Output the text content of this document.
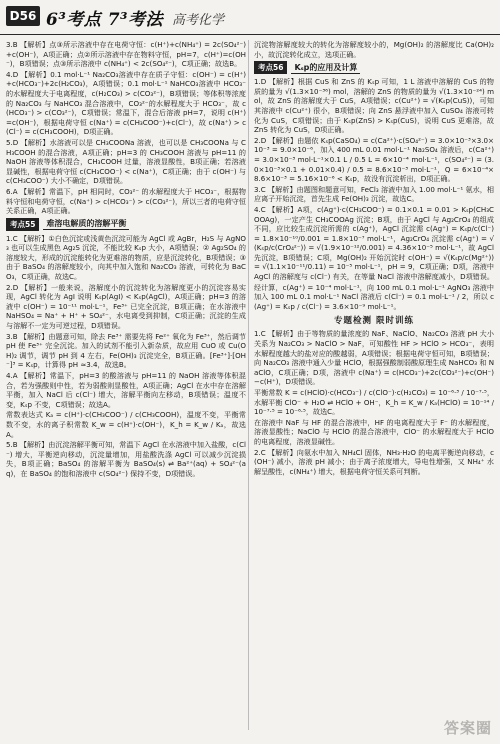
D56 6³考点 7³考法 高考化学

3.B 【解析】点③所示溶液中存在电荷守恒：c(H⁺)+c(NH₄⁺) = 2c(SO₄²⁻)+c(OH⁻)，A项正确；点②所示溶液中存在物料守恒，pH=7，c(H⁺)=c(OH⁻)，B项错误；点③所示溶液中 c(NH₄⁺) < 2c(SO₄²⁻)，C项正确；故选B。

4.D 【解析】0.1 mol·L⁻¹ Na₂CO₃溶液中存在质子守恒：c(OH⁻) = c(H⁺)+c(HCO₃⁻)+2c(H₂CO₃)，A项错误；0.1 mol·L⁻¹ NaHCO₃溶液中 HCO₃⁻的水解程度大于电离程度，c(H₂CO₃) > c(CO₃²⁻)，B项错误；等体积等浓度的 Na₂CO₃ 与 NaHCO₃ 混合溶液中，CO₃²⁻的水解程度大于 HCO₃⁻，故 c(HCO₃⁻) > c(CO₃²⁻)，C项错误；常温下，混合后溶液 pH=7，说明 c(H⁺)=c(OH⁻)，根据电荷守恒 c(Na⁺) = c(CH₃COO⁻)+c(Cl⁻)，故 c(Na⁺) > c(Cl⁻) = c(CH₃COOH)，D项正确。

5.D 【解析】水溶液可以是 CH₃COONa 溶液，也可以是 CH₃COONa 与 CH₃COOH 的混合溶液，A项正确；pH=3 的 CH₃COOH 溶液与 pH=11 的 NaOH 溶液等体积混合，CH₃COOH 过量，溶液显酸性，B项正确；若溶液显碱性，根据电荷守恒 c(CH₃COO⁻) < c(Na⁺)，C项正确；由于 c(OH⁻) 与 c(CH₃COO⁻) 大小不确定，D项错误。

6.A 【解析】常温下，pH 相同时，CO₃²⁻ 的水解程度大于 HCO₃⁻，根据物料守恒和电荷守恒，c(Na⁺) > c(HCO₃⁻) > c(CO₃²⁻)，所以三者的电荷守恒关系正确，A项正确。

考点55	难溶电解质的溶解平衡

1.C 【解析】①白色沉淀或浅黄色沉淀可能为 AgCl 或 AgBr，H₂S 与 AgNO₃ 也可以生成黑色 Ag₂S 沉淀，不能比较 Kₛp 大小，A项错误；② Ag₂SO₄ 的溶度较大，形成的沉淀能转化为更难溶的物质，应是沉淀转化，B项错误；③由于 BaSO₄ 的溶解度较小，向其中加入饱和 Na₂CO₃ 溶液，可转化为 BaCO₃，C项正确，故选C。

2.D 【解析】一般来说，溶解度小的沉淀转化为溶解度更小的沉淀容易实现，AgCl 转化为 AgI 说明 Kₛp(AgI) < Kₛp(AgCl)，A项正确；pH=3 的溶液中 c(OH⁻) = 10⁻¹¹ mol·L⁻¹，Fe³⁺ 已完全沉淀，B项正确；在水溶液中 NaHSO₄ = Na⁺ + H⁺ + SO₄²⁻，水电离受到抑制，C项正确；沉淀的生成与溶解不一定为可逆过程，D项错误。

3.B 【解析】由题意可知，除去 Fe³⁺ 需要先将 Fe²⁺ 氧化为 Fe³⁺，然后调节 pH 使 Fe³⁺ 完全沉淀。加入的试剂不能引入新杂质，故应用 CuO 或 Cu(OH)₂ 调节，调节 pH 到 4 左右，Fe(OH)₃ 沉淀完全，B项正确。[Fe³⁺]·[OH⁻]³ = Kₛp，计算得 pH ≈3.4，故选B。

4.A 【解析】常温下，pH=3 的酸溶液与 pH=11 的 NaOH 溶液等体积混合，若为强酸则中性，若为弱酸则显酸性，A项正确；AgCl 在水中存在溶解平衡，加入 NaCl 后 c(Cl⁻) 增大，溶解平衡向左移动，B项错误；温度不变，Kₛp 不变，C项错误；故选A。

常数表达式 Kₐ = c(H⁺)·c(CH₃COO⁻) / c(CH₃COOH)，温度不变，平衡常数不变，水的离子积常数 K_w = c(H⁺)·c(OH⁻)，K_h = K_w / Kₐ，故选A。

5.B 【解析】由沉淀溶解平衡可知，常温下 AgCl 在水溶液中加入盐酸，c(Cl⁻) 增大，平衡逆向移动，沉淀量增加，用盐酸洗涤 AgCl 可以减少沉淀损失，B项正确；BaSO₄ 的溶解平衡为 BaSO₄(s) ⇌ Ba²⁺(aq) + SO₄²⁻(aq)，在 BaSO₄ 的饱和溶液中 c(SO₄²⁻) 保持不变，D项错误。

沉淀物溶解度较大的转化为溶解度较小的，Mg(OH)₂ 的溶解度比 Ca(OH)₂ 小，故沉淀转化成立，选项正确。

考点56	Kₛp的应用及计算

1.D 【解析】根据 CuS 和 ZnS 的 Kₛp 可知，1 L 溶液中溶解的 CuS 的物质的量为 √(1.3×10⁻³⁶) mol，溶解的 ZnS 的物质的量为 √(1.3×10⁻²⁴) mol，故 ZnS 的溶解度大于 CuS，A项错误；c(Cu²⁺) = √(Kₛp(CuS))，可知其溶液中 c(Cu²⁺) 很小，B项错误；向 ZnS 悬浮液中加入 CuSO₄ 溶液可转化为 CuS，C项错误；由于 Kₛp(ZnS) > Kₛp(CuS)，说明 CuS 更难溶，故 ZnS 转化为 CuS，D项正确。

2.D 【解析】由题依 Kₛp(CaSO₄) = c(Ca²⁺)·c(SO₄²⁻) = 3.0×10⁻³×3.0×10⁻³ = 9.0×10⁻⁶，加入 400 mL 0.01 mol·L⁻¹ Na₂SO₄ 溶液后，c(Ca²⁺) = 3.0×10⁻³ mol·L⁻¹×0.1 L / 0.5 L = 6×10⁻⁴ mol·L⁻¹，c(SO₄²⁻) = (3.0×10⁻³×0.1 + 0.01×0.4) / 0.5 = 8.6×10⁻³ mol·L⁻¹，Q = 6×10⁻⁴×8.6×10⁻³ = 5.16×10⁻⁶ < Kₛp，故没有沉淀析出，D项正确。

3.C 【解析】由题图和题意可知，FeCl₃ 溶液中加入 1.00 mol·L⁻¹ 氨水，相应离子开始沉淀，首先生成 Fe(OH)₃ 沉淀，故选C。

4.C 【解析】A项，c(Ag⁺)·c(CH₃COO⁻) = 0.1×0.1 = 0.01 > Kₛp(CH₃COOAg)，一定产生 CH₃COOAg 沉淀；B项，由于 AgCl 与 Ag₂CrO₄ 的组成不同，应比较生成沉淀所需的 c(Ag⁺)，AgCl 沉淀需 c(Ag⁺) = Kₛp/c(Cl⁻) = 1.8×10⁻¹⁰/0.001 = 1.8×10⁻⁷ mol·L⁻¹，Ag₂CrO₄ 沉淀需 c(Ag⁺) = √(Kₛp/c(CrO₄²⁻)) = √(1.9×10⁻¹²/0.001) = 4.36×10⁻⁵ mol·L⁻¹，故 AgCl 先沉淀，B项错误；C项，Mg(OH)₂ 开始沉淀时 c(OH⁻) = √(Kₛp/c(Mg²⁺)) = √(1.1×10⁻¹¹/0.11) = 10⁻⁵ mol·L⁻¹，pH = 9，C项正确；D项，溶液中 AgCl 的溶解度与 c(Cl⁻) 有关，在等量 NaCl 溶液中溶解度减小，D项错误。

经计算，c(Ag⁺) = 10⁻⁴ mol·L⁻¹，向 100 mL 0.1 mol·L⁻¹ AgNO₃ 溶液中加入 100 mL 0.1 mol·L⁻¹ NaCl 溶液后 c(Cl⁻) = 0.1 mol·L⁻¹ / 2，所以 c(Ag⁺) = Kₛp / c(Cl⁻) = 3.6×10⁻⁹ mol·L⁻¹。

专题检测 限时训练

1.C 【解析】由于等物质的量浓度的 NaF、NaClO、Na₂CO₃ 溶液 pH 大小关系为 Na₂CO₃ > NaClO > NaF，可知酸性 HF > HClO > HCO₃⁻，表明水解程度越大的盐对应的酸越弱，A项错误；根据电荷守恒可知，B项错误；向 Na₂CO₃ 溶液中通入少量 HClO，根据强酸制弱酸原理生成 NaHCO₃ 和 NaClO，C项正确；D项，溶液中 c(Na⁺) = c(HCO₃⁻)+2c(CO₃²⁻)+c(OH⁻)−c(H⁺)，D项错误。

平衡常数 K = c(HClO)·c(HCO₃⁻) / c(ClO⁻)·c(H₂CO₃) = 10⁻⁶·³ / 10⁻⁷·⁵，水解平衡 ClO⁻ + H₂O ⇌ HClO + OH⁻，K_h = K_w / Kₐ(HClO) = 10⁻¹⁴ / 10⁻⁷·⁵ = 10⁻⁶·⁵，故选C。

在溶液中 NaF 与 HF 的混合溶液中，HF 的电离程度大于 F⁻ 的水解程度，溶液显酸性；NaClO 与 HClO 的混合溶液中，ClO⁻ 的水解程度大于 HClO 的电离程度，溶液显碱性。

2.C 【解析】向氨水中加入 NH₄Cl 固体，NH₃·H₂O 的电离平衡逆向移动，c(OH⁻) 减小，溶液 pH 减小；由于离子浓度增大，导电性增强，又 NH₄⁺ 水解呈酸性，c(NH₄⁺) 增大，根据电荷守恒关系可判断。

答案圈
